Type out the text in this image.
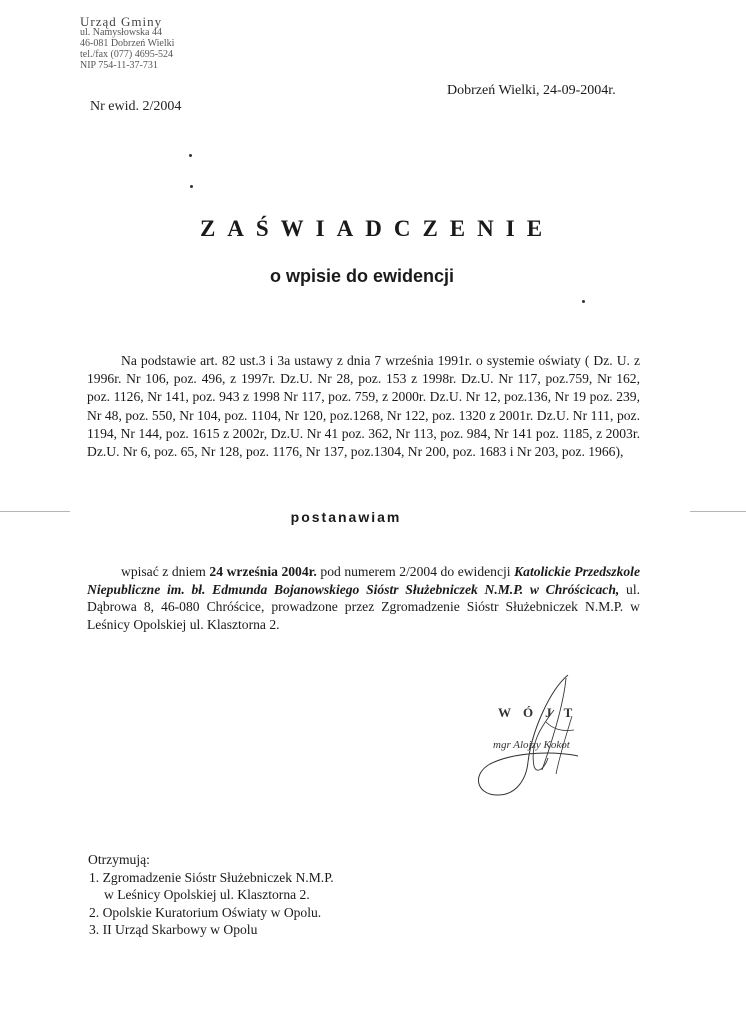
Urząd Gminy
ul. Namysłowska 44
46-081 Dobrzeń Wielki
tel./fax (077) 4695-524
NIP 754-11-37-731
Nr ewid. 2/2004
Dobrzeń Wielki, 24-09-2004r.
ZAŚWIADCZENIE
o wpisie do ewidencji
Na podstawie art. 82 ust.3 i 3a ustawy z dnia 7 września 1991r. o systemie oświaty ( Dz. U. z 1996r. Nr 106, poz. 496, z 1997r. Dz.U. Nr 28, poz. 153 z 1998r. Dz.U. Nr 117, poz.759, Nr 162, poz. 1126, Nr 141, poz. 943 z 1998 Nr 117, poz. 759, z 2000r. Dz.U. Nr 12, poz.136, Nr 19 poz. 239, Nr 48, poz. 550, Nr 104, poz. 1104, Nr 120, poz.1268, Nr 122, poz. 1320 z 2001r. Dz.U. Nr 111, poz. 1194, Nr 144, poz. 1615 z 2002r, Dz.U. Nr 41 poz. 362, Nr 113, poz. 984, Nr 141 poz. 1185, z 2003r. Dz.U. Nr 6, poz. 65, Nr 128, poz. 1176, Nr 137, poz.1304, Nr 200, poz. 1683 i Nr 203, poz. 1966),
postanawiam
wpisać z dniem 24 września 2004r. pod numerem 2/2004 do ewidencji Katolickie Przedszkole Niepubliczne im. bł. Edmunda Bojanowskiego Sióstr Służebniczek N.M.P. w Chróścicach, ul. Dąbrowa 8, 46-080 Chróścice, prowadzone przez Zgromadzenie Sióstr Służebniczek N.M.P. w Leśnicy Opolskiej ul. Klasztorna 2.
WÓJT
mgr Alojzy Kokot
Otrzymują:
1. Zgromadzenie Sióstr Służebniczek N.M.P.
w Leśnicy Opolskiej ul. Klasztorna 2.
2. Opolskie Kuratorium Oświaty w Opolu.
3. II Urząd Skarbowy w Opolu
